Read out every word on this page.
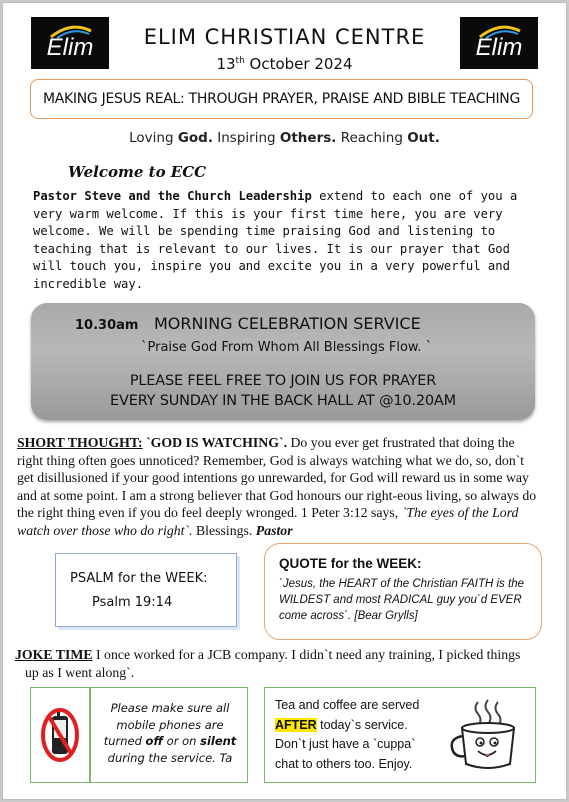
Elim	ELIM CHRISTIAN CENTRE
13th October 2024
Elim
MAKING JESUS REAL: THROUGH PRAYER, PRAISE AND BIBLE TEACHING
Loving God. Inspiring Others. Reaching Out.
Welcome to ECC
Pastor Steve and the Church Leadership extend to each one of you a very warm welcome. If this is your first time here, you are very welcome. We will be spending time praising God and listening to teaching that is relevant to our lives. It is our prayer that God will touch you, inspire you and excite you in a very powerful and incredible way.
10.30am MORNING CELEBRATION SERVICE
`Praise God From Whom All Blessings Flow. `
PLEASE FEEL FREE TO JOIN US FOR PRAYER
EVERY SUNDAY IN THE BACK HALL AT @10.20AM
SHORT THOUGHT: `GOD IS WATCHING`. Do you ever get frustrated that doing the right thing often goes unnoticed? Remember, God is always watching what we do, so, don`t get disillusioned if your good intentions go unrewarded, for God will reward us in some way and at some point. I am a strong believer that God honours our right-eous living, so always do the right thing even if you do feel deeply wronged. 1 Peter 3:12 says, `The eyes of the Lord watch over those who do right`. Blessings. Pastor
PSALM for the WEEK:
Psalm 19:14
QUOTE for the WEEK:
`Jesus, the HEART of the Christian FAITH is the WILDEST and most RADICAL guy you`d EVER come across`. [Bear Grylls]
JOKE TIME I once worked for a JCB company. I didn`t need any training, I picked things
up as I went along`.
Please make sure all
mobile phones are
turned off or on silent
during the service. Ta
Tea and coffee are served
AFTER today`s service.
Don`t just have a `cuppa`
chat to others too. Enjoy.
